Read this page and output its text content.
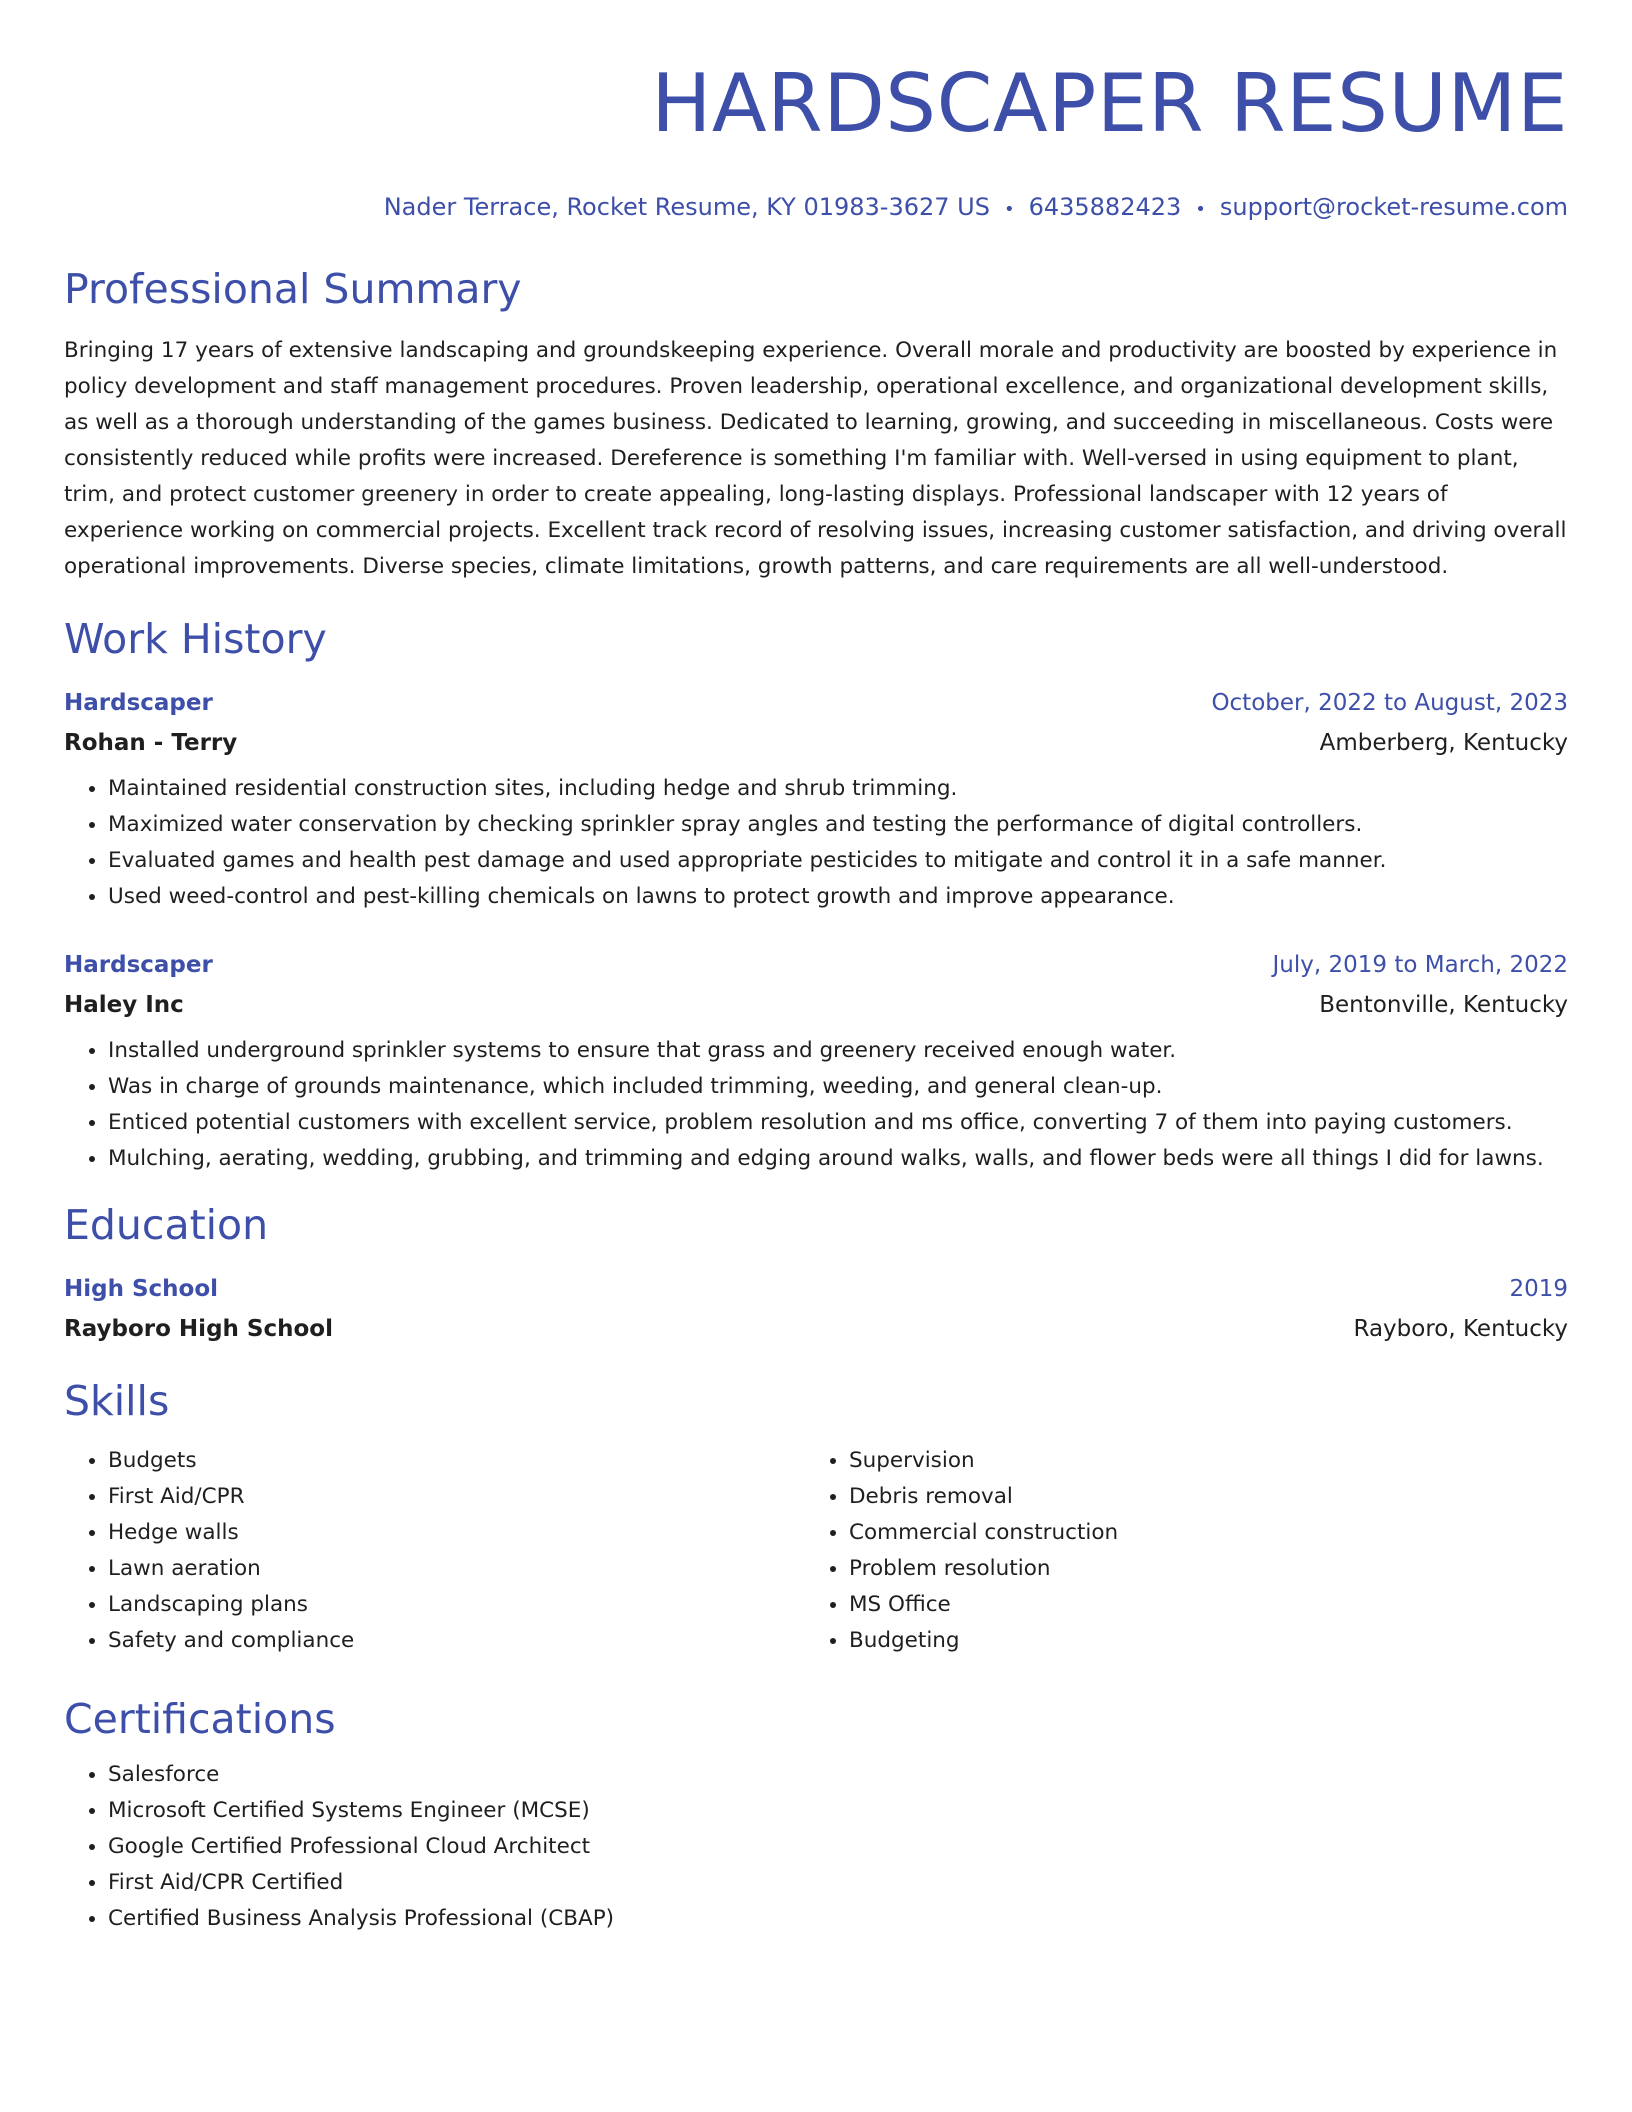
HARDSCAPER RESUME
Nader Terrace, Rocket Resume, KY 01983-3627 US • 6435882423 • support@rocket-resume.com
Professional Summary

Bringing 17 years of extensive landscaping and groundskeeping experience. Overall morale and productivity are boosted by experience in policy development and staff management procedures. Proven leadership, operational excellence, and organizational development skills, as well as a thorough understanding of the games business. Dedicated to learning, growing, and succeeding in miscellaneous. Costs were consistently reduced while profits were increased. Dereference is something I'm familiar with. Well-versed in using equipment to plant, trim, and protect customer greenery in order to create appealing, long-lasting displays. Professional landscaper with 12 years of experience working on commercial projects. Excellent track record of resolving issues, increasing customer satisfaction, and driving overall operational improvements. Diverse species, climate limitations, growth patterns, and care requirements are all well-understood.

Work History
Hardscaper	October, 2022 to August, 2023
Rohan - Terry	Amberberg, Kentucky
• Maintained residential construction sites, including hedge and shrub trimming.
• Maximized water conservation by checking sprinkler spray angles and testing the performance of digital controllers.
• Evaluated games and health pest damage and used appropriate pesticides to mitigate and control it in a safe manner.
• Used weed-control and pest-killing chemicals on lawns to protect growth and improve appearance.
Hardscaper	July, 2019 to March, 2022
Haley Inc	Bentonville, Kentucky
• Installed underground sprinkler systems to ensure that grass and greenery received enough water.
• Was in charge of grounds maintenance, which included trimming, weeding, and general clean-up.
• Enticed potential customers with excellent service, problem resolution and ms office, converting 7 of them into paying customers.
• Mulching, aerating, wedding, grubbing, and trimming and edging around walks, walls, and flower beds were all things I did for lawns.
Education
High School	2019
Rayboro High School	Rayboro, Kentucky
Skills
• Budgets
• First Aid/CPR
• Hedge walls
• Lawn aeration
• Landscaping plans
• Safety and compliance
• Supervision
• Debris removal
• Commercial construction
• Problem resolution
• MS Office
• Budgeting
Certifications
• Salesforce
• Microsoft Certified Systems Engineer (MCSE)
• Google Certified Professional Cloud Architect
• First Aid/CPR Certified
• Certified Business Analysis Professional (CBAP)
